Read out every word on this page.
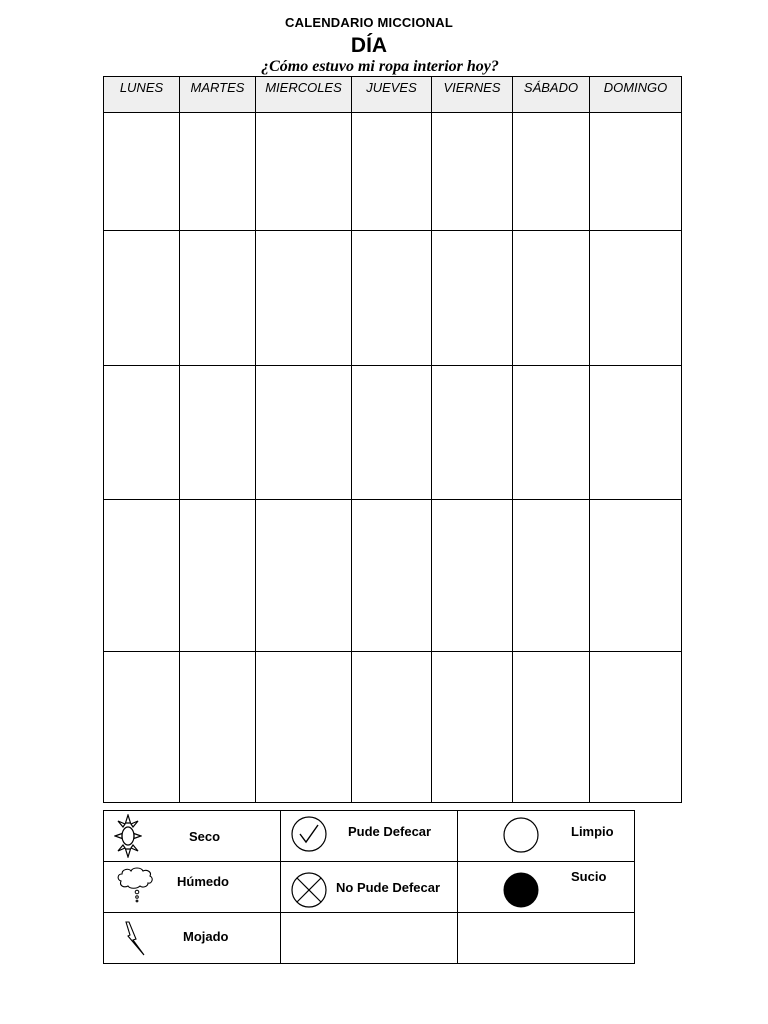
CALENDARIO MICCIONAL
DÍA
¿Cómo estuvo mi ropa interior hoy?
LUNES	MARTES	MIERCOLES	JUEVES	VIERNES	SÁBADO	DOMINGO

Seco	Pude Defecar	Limpio

Húmedo	No Pude Defecar	Sucio

Mojado		
